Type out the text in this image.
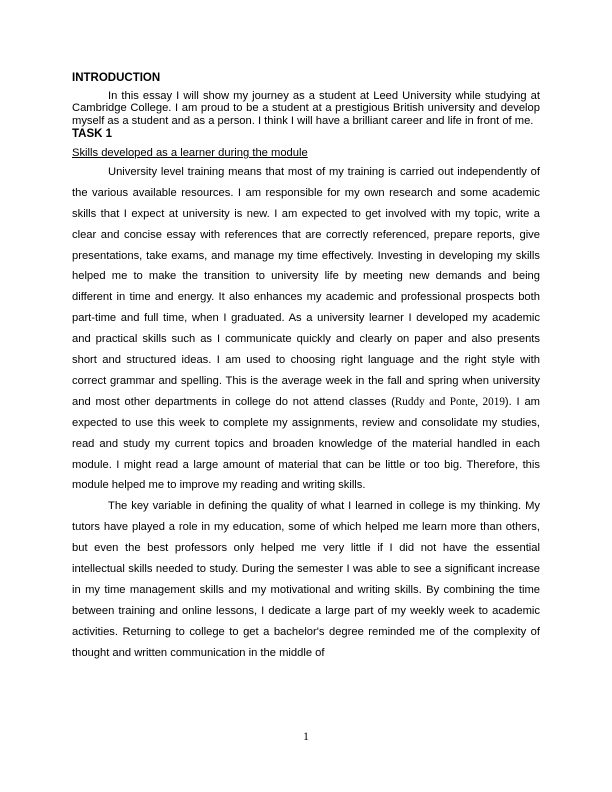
INTRODUCTION

In this essay I will show my journey as a student at Leed University while studying at Cambridge College. I am proud to be a student at a prestigious British university and develop myself as a student and as a person. I think I will have a brilliant career and life in front of me.

TASK 1

Skills developed as a learner during the module

University level training means that most of my training is carried out independently of the various available resources. I am responsible for my own research and some academic skills that I expect at university is new. I am expected to get involved with my topic, write a clear and concise essay with references that are correctly referenced, prepare reports, give presentations, take exams, and manage my time effectively. Investing in developing my skills helped me to make the transition to university life by meeting new demands and being different in time and energy. It also enhances my academic and professional prospects both part-time and full time, when I graduated. As a university learner I developed my academic and practical skills such as I communicate quickly and clearly on paper and also presents short and structured ideas. I am used to choosing right language and the right style with correct grammar and spelling. This is the average week in the fall and spring when university and most other departments in college do not attend classes (Ruddy and Ponte, 2019). I am expected to use this week to complete my assignments, review and consolidate my studies, read and study my current topics and broaden knowledge of the material handled in each module. I might read a large amount of material that can be little or too big. Therefore, this module helped me to improve my reading and writing skills.

The key variable in defining the quality of what I learned in college is my thinking. My tutors have played a role in my education, some of which helped me learn more than others, but even the best professors only helped me very little if I did not have the essential intellectual skills needed to study. During the semester I was able to see a significant increase in my time management skills and my motivational and writing skills. By combining the time between training and online lessons, I dedicate a large part of my weekly week to academic activities. Returning to college to get a bachelor's degree reminded me of the complexity of thought and written communication in the middle of

1
